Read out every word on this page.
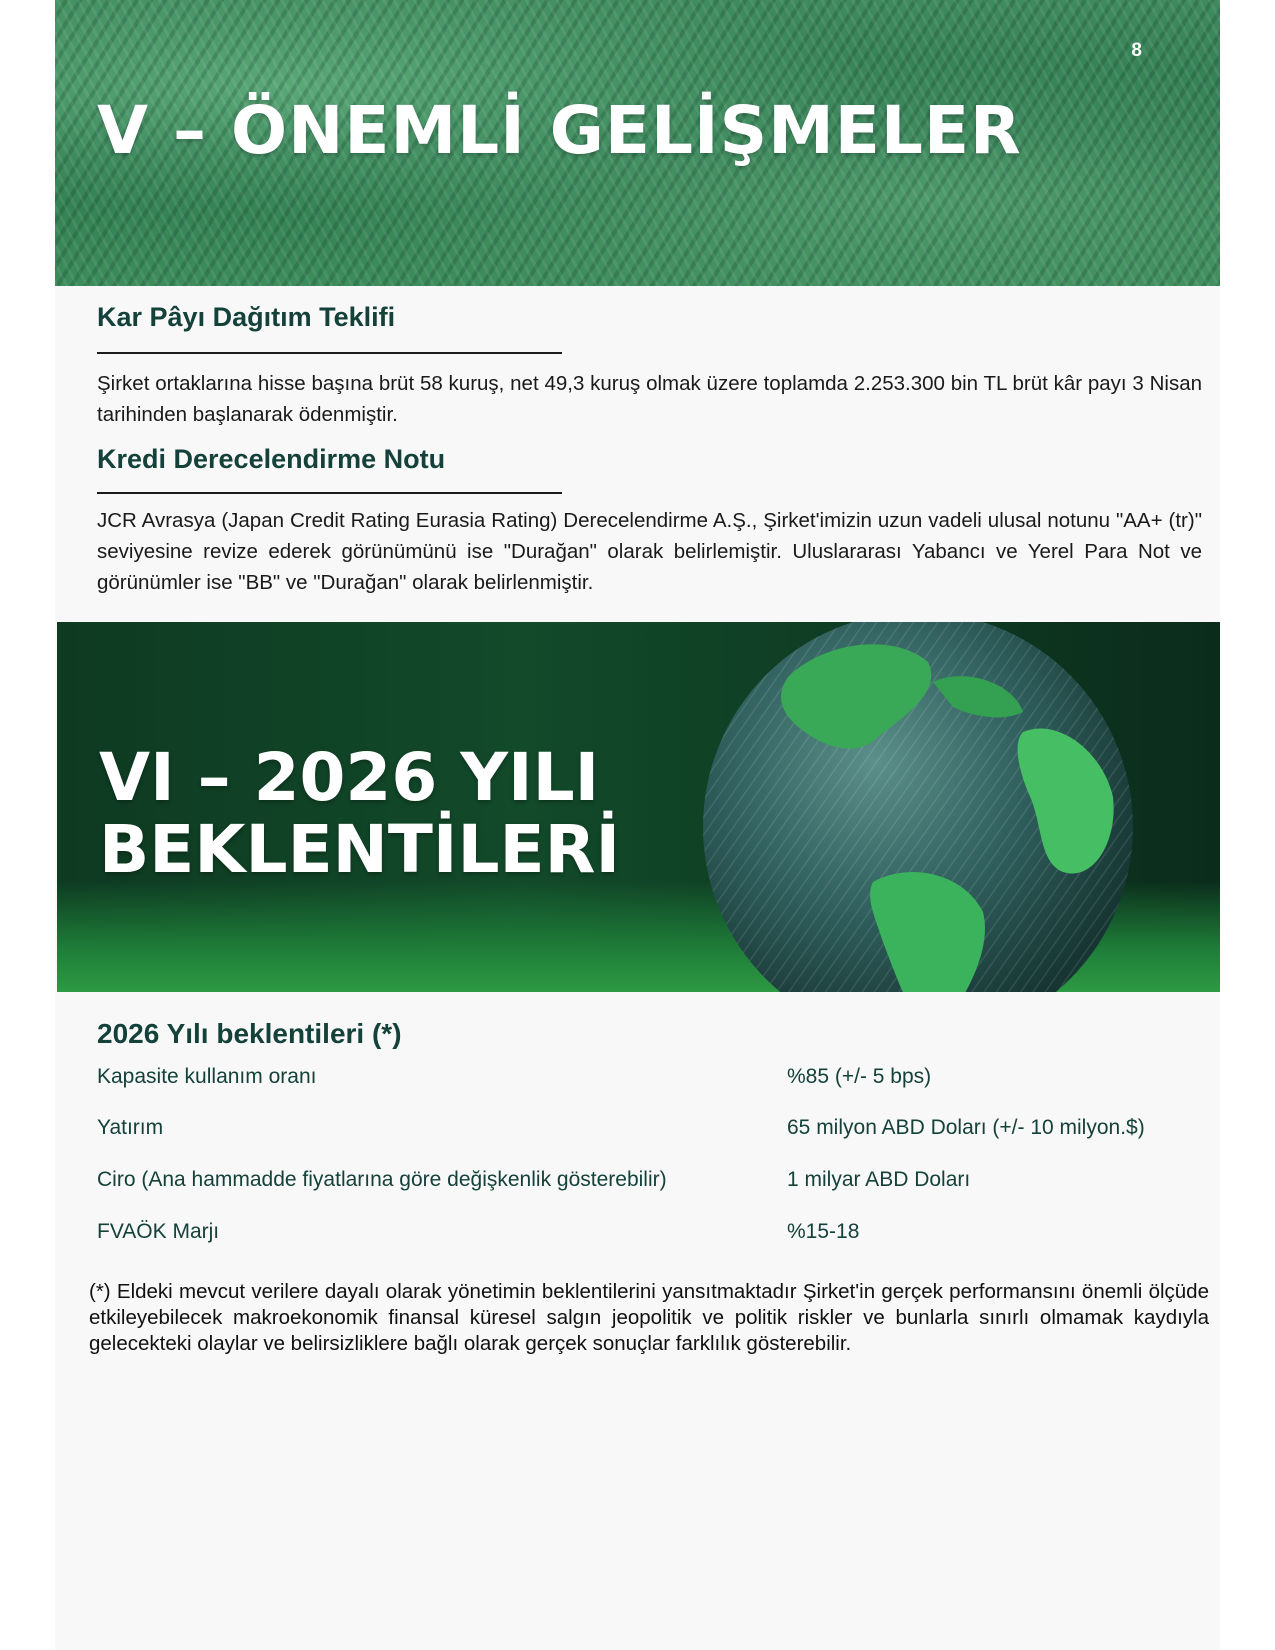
8
V – ÖNEMLİ GELİŞMELER
Kar Pâyı Dağıtım Teklifi

Şirket ortaklarına hisse başına brüt 58 kuruş, net 49,3 kuruş olmak üzere toplamda 2.253.300 bin TL brüt kâr payı 3 Nisan tarihinden başlanarak ödenmiştir.

Kredi Derecelendirme Notu

JCR Avrasya (Japan Credit Rating Eurasia Rating) Derecelendirme A.Ş., Şirket'imizin uzun vadeli ulusal notunu "AA+ (tr)" seviyesine revize ederek görünümünü ise "Durağan" olarak belirlemiştir. Uluslararası Yabancı ve Yerel Para Not ve görünümler ise "BB" ve "Durağan" olarak belirlenmiştir.

VI – 2026 YILI
BEKLENTİLERİ
2026 Yılı beklentileri (*)
Kapasite kullanım oranı	%85 (+/- 5 bps)
Yatırım	65 milyon ABD Doları (+/- 10 milyon.$)
Ciro (Ana hammadde fiyatlarına göre değişkenlik gösterebilir)	1 milyar ABD Doları
FVAÖK Marjı	%15-18

(*) Eldeki mevcut verilere dayalı olarak yönetimin beklentilerini yansıtmaktadır Şirket'in gerçek performansını önemli ölçüde etkileyebilecek makroekonomik finansal küresel salgın jeopolitik ve politik riskler ve bunlarla sınırlı olmamak kaydıyla gelecekteki olaylar ve belirsizliklere bağlı olarak gerçek sonuçlar farklılık gösterebilir.
